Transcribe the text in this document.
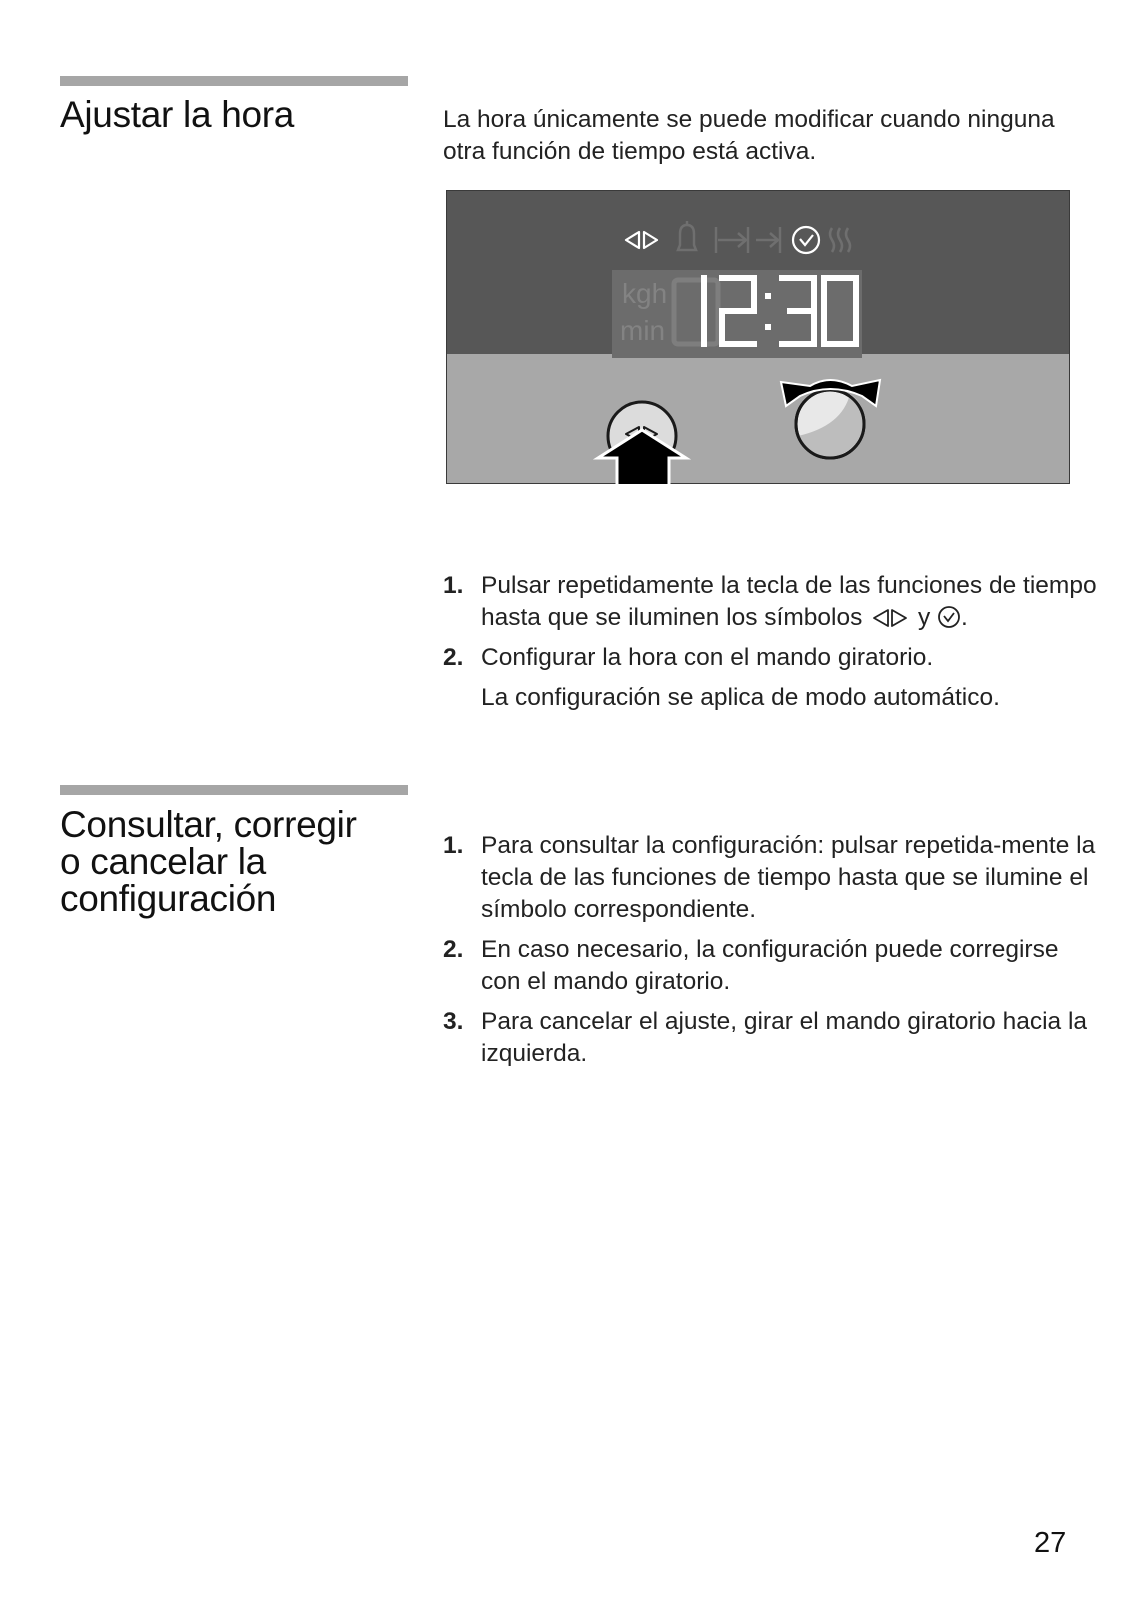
Ajustar la hora	La hora únicamente se puede modificar cuando ninguna otra función de tiempo está activa.
kgh
min
1. Pulsar repetidamente la tecla de las funciones de tiempo hasta que se iluminen los símbolos y .
2. Configurar la hora con el mando giratorio.
La configuración se aplica de modo automático.
Consultar, corregir
o cancelar la
configuración
1. Para consultar la configuración: pulsar repetida-mente la tecla de las funciones de tiempo hasta que se ilumine el símbolo correspondiente.
2. En caso necesario, la configuración puede corregirse con el mando giratorio.
3. Para cancelar el ajuste, girar el mando giratorio hacia la izquierda.
27
